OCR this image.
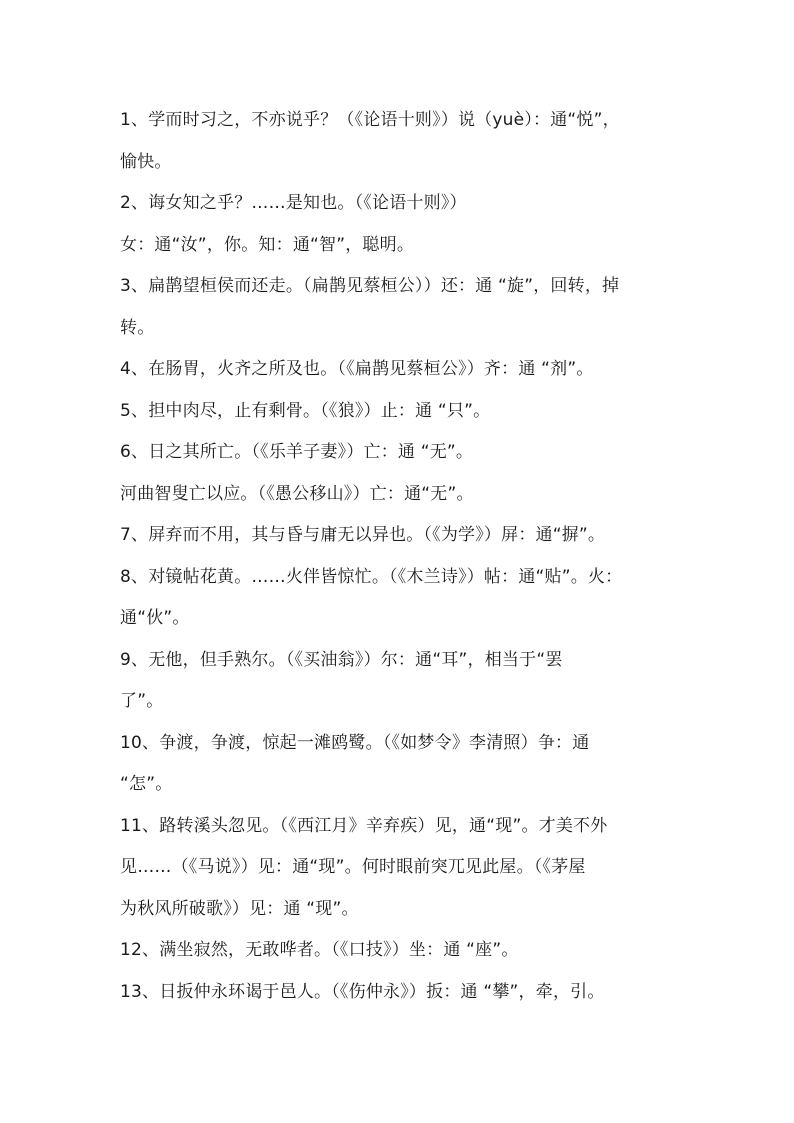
1、学而时习之，不亦说乎？（《论语十则》）说（yuè）：通“悦”，
愉快。
2、诲女知之乎？……是知也。（《论语十则》）
女：通“汝”，你。知：通“智”，聪明。
3、扁鹊望桓侯而还走。（扁鹊见蔡桓公））还：通 “旋”，回转，掉
转。
4、在肠胃，火齐之所及也。（《扁鹊见蔡桓公》）齐：通 “剂”。
5、担中肉尽，止有剩骨。（《狼》）止：通 “只”。
6、日之其所亡。（《乐羊子妻》）亡：通 “无”。
河曲智叟亡以应。（《愚公移山》）亡：通“无”。
7、屏弃而不用，其与昏与庸无以异也。（《为学》）屏：通“摒”。
8、对镜帖花黄。……火伴皆惊忙。（《木兰诗》）帖：通“贴”。火：
通“伙”。
9、无他，但手熟尔。（《买油翁》）尔：通“耳”，相当于“罢
了”。
10、争渡，争渡，惊起一滩鸥鹭。（《如梦令》李清照）争：通
“怎”。
11、路转溪头忽见。（《西江月》辛弃疾）见，通“现”。才美不外
见……（《马说》）见：通“现”。何时眼前突兀见此屋。（《茅屋
为秋风所破歌》）见：通 “现”。
12、满坐寂然，无敢哗者。（《口技》）坐：通 “座”。
13、日扳仲永环谒于邑人。（《伤仲永》）扳：通 “攀”，牵，引。
